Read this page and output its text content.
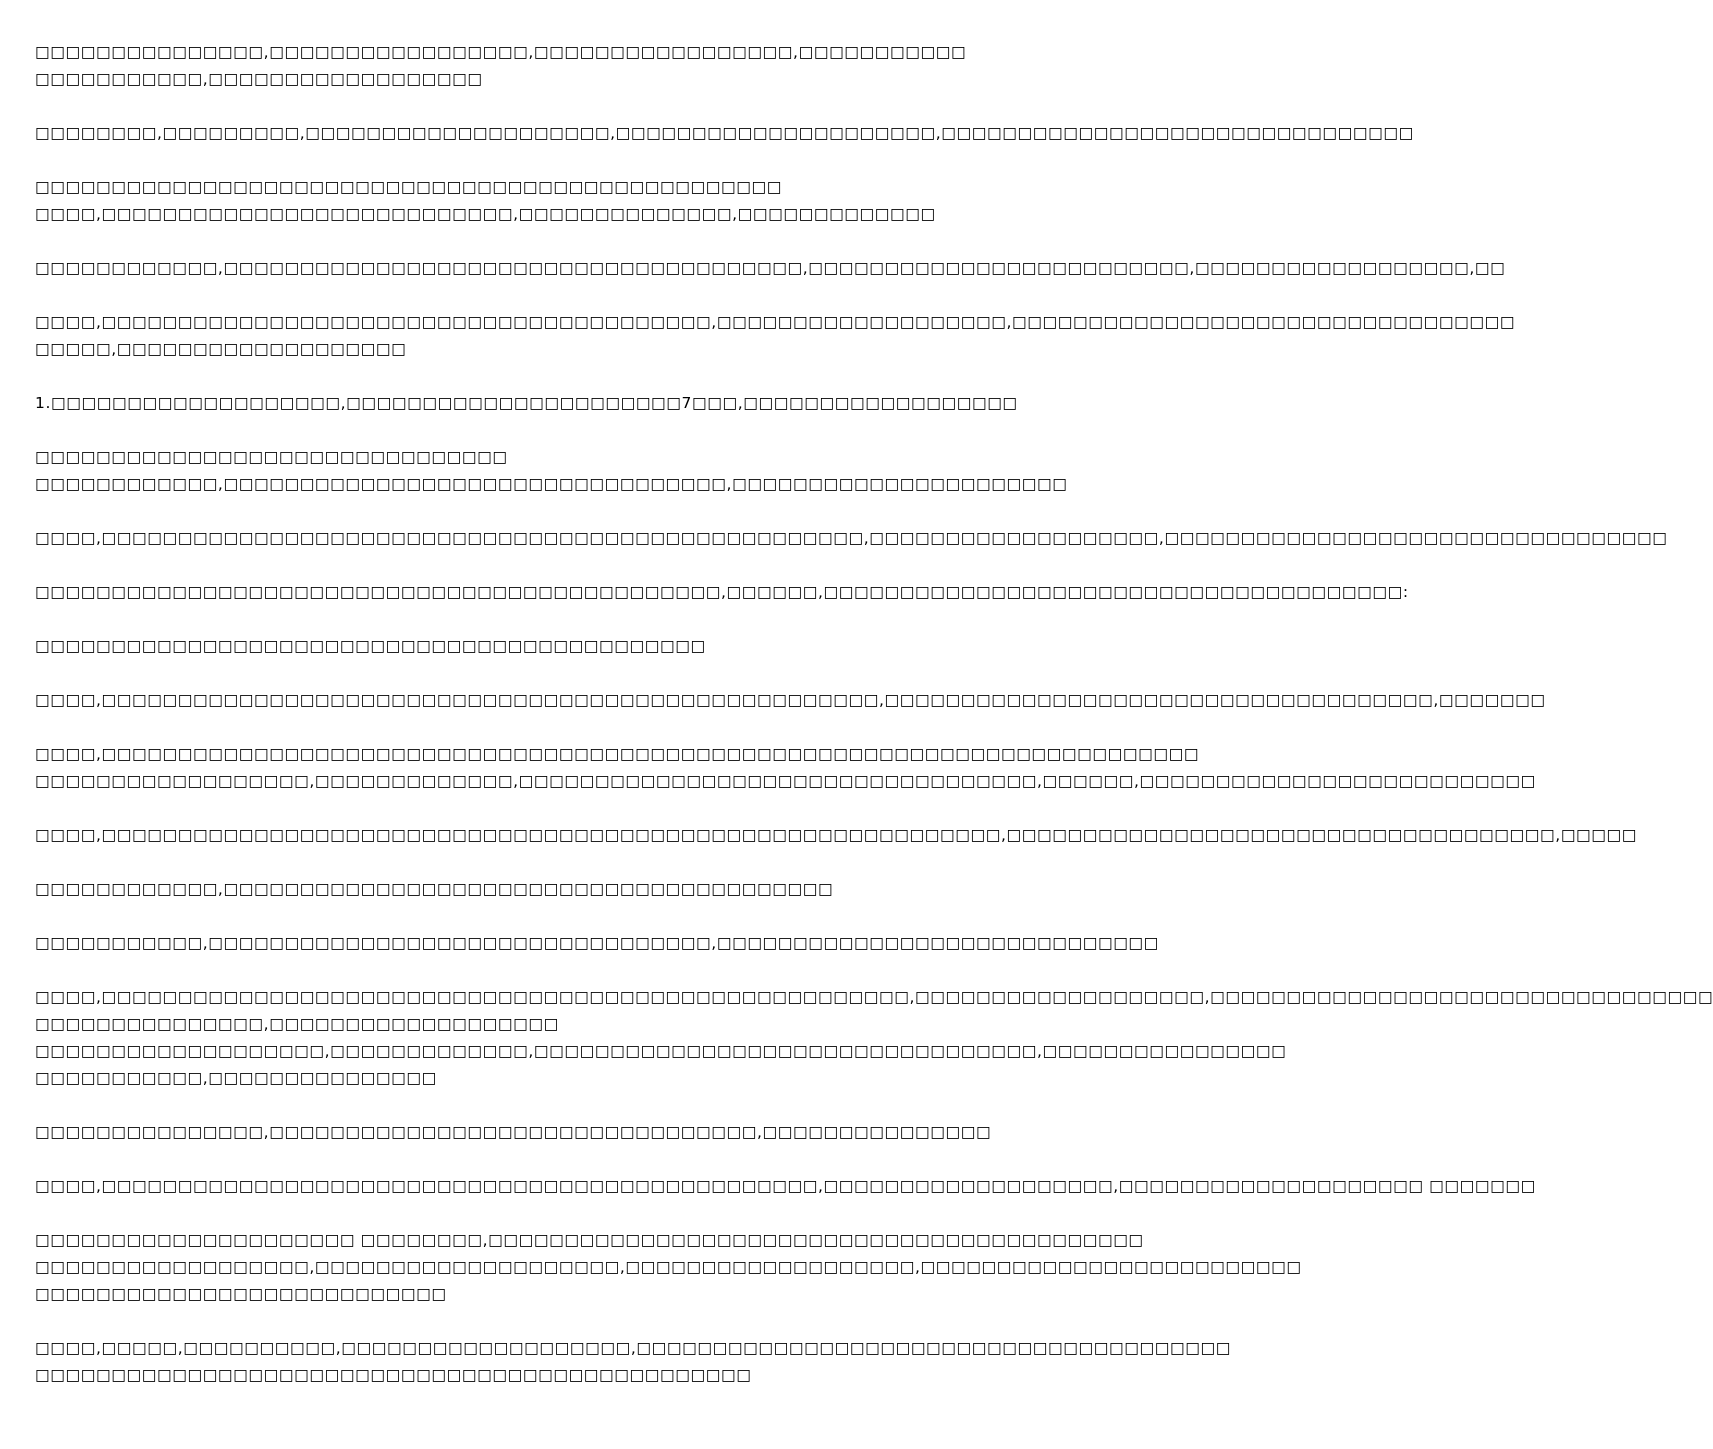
□□□□□□□□□□□□□□□,□□□□□□□□□□□□□□□□□,□□□□□□□□□□□□□□□□□,□□□□□□□□□□□
□□□□□□□□□□□,□□□□□□□□□□□□□□□□□□
□□□□□□□□,□□□□□□□□□,□□□□□□□□□□□□□□□□□□□□,□□□□□□□□□□□□□□□□□□□□□,□□□□□□□□□□□□□□□□□□□□□□□□□□□□□□□
□□□□□□□□□□□□□□□□□□□□□□□□□□□□□□□□□□□□□□□□□□□□□□□□□
□□□□,□□□□□□□□□□□□□□□□□□□□□□□□□□□,□□□□□□□□□□□□□□,□□□□□□□□□□□□□
□□□□□□□□□□□□,□□□□□□□□□□□□□□□□□□□□□□□□□□□□□□□□□□□□□□,□□□□□□□□□□□□□□□□□□□□□□□□□,□□□□□□□□□□□□□□□□□□,□□
□□□□,□□□□□□□□□□□□□□□□□□□□□□□□□□□□□□□□□□□□□□□□,□□□□□□□□□□□□□□□□□□□,□□□□□□□□□□□□□□□□□□□□□□□□□□□□□□□□□
□□□□□,□□□□□□□□□□□□□□□□□□□
1.□□□□□□□□□□□□□□□□□□□,□□□□□□□□□□□□□□□□□□□□□□7□□□,□□□□□□□□□□□□□□□□□□
□□□□□□□□□□□□□□□□□□□□□□□□□□□□□□□
□□□□□□□□□□□□,□□□□□□□□□□□□□□□□□□□□□□□□□□□□□□□□□,□□□□□□□□□□□□□□□□□□□□□□
□□□□,□□□□□□□□□□□□□□□□□□□□□□□□□□□□□□□□□□□□□□□□□□□□□□□□□□,□□□□□□□□□□□□□□□□□□□,□□□□□□□□□□□□□□□□□□□□□□□□□□□□□□□□□
□□□□□□□□□□□□□□□□□□□□□□□□□□□□□□□□□□□□□□□□□□□□□,□□□□□□,□□□□□□□□□□□□□□□□□□□□□□□□□□□□□□□□□□□□□□:
□□□□□□□□□□□□□□□□□□□□□□□□□□□□□□□□□□□□□□□□□□□□
□□□□,□□□□□□□□□□□□□□□□□□□□□□□□□□□□□□□□□□□□□□□□□□□□□□□□□□□,□□□□□□□□□□□□□□□□□□□□□□□□□□□□□□□□□□□□,□□□□□□□
□□□□,□□□□□□□□□□□□□□□□□□□□□□□□□□□□□□□□□□□□□□□□□□□□□□□□□□□□□□□□□□□□□□□□□□□□□□□□
□□□□□□□□□□□□□□□□□□,□□□□□□□□□□□□□,□□□□□□□□□□□□□□□□□□□□□□□□□□□□□□□□□□,□□□□□□,□□□□□□□□□□□□□□□□□□□□□□□□□□
□□□□,□□□□□□□□□□□□□□□□□□□□□□□□□□□□□□□□□□□□□□□□□□□□□□□□□□□□□□□□□□□,□□□□□□□□□□□□□□□□□□□□□□□□□□□□□□□□□□□□,□□□□□
□□□□□□□□□□□□,□□□□□□□□□□□□□□□□□□□□□□□□□□□□□□□□□□□□□□□□
□□□□□□□□□□□,□□□□□□□□□□□□□□□□□□□□□□□□□□□□□□□□□,□□□□□□□□□□□□□□□□□□□□□□□□□□□□□
□□□□,□□□□□□□□□□□□□□□□□□□□□□□□□□□□□□□□□□□□□□□□□□□□□□□□□□□□□,□□□□□□□□□□□□□□□□□□□,□□□□□□□□□□□□□□□□□□□□□□□□□□□□□□□□□
□□□□□□□□□□□□□□□,□□□□□□□□□□□□□□□□□□□
□□□□□□□□□□□□□□□□□□□,□□□□□□□□□□□□□,□□□□□□□□□□□□□□□□□□□□□□□□□□□□□□□□□,□□□□□□□□□□□□□□□□
□□□□□□□□□□□,□□□□□□□□□□□□□□□
□□□□□□□□□□□□□□□,□□□□□□□□□□□□□□□□□□□□□□□□□□□□□□□□,□□□□□□□□□□□□□□□
□□□□,□□□□□□□□□□□□□□□□□□□□□□□□□□□□□□□□□□□□□□□□□□□□□□□,□□□□□□□□□□□□□□□□□□□,□□□□□□□□□□□□□□□□□□□□ □□□□□□□
□□□□□□□□□□□□□□□□□□□□□ □□□□□□□□,□□□□□□□□□□□□□□□□□□□□□□□□□□□□□□□□□□□□□□□□□□□
□□□□□□□□□□□□□□□□□□,□□□□□□□□□□□□□□□□□□□□,□□□□□□□□□□□□□□□□□□□,□□□□□□□□□□□□□□□□□□□□□□□□□
□□□□□□□□□□□□□□□□□□□□□□□□□□□
□□□□,□□□□□,□□□□□□□□□□,□□□□□□□□□□□□□□□□□□□,□□□□□□□□□□□□□□□□□□□□□□□□□□□□□□□□□□□□□□□
□□□□□□□□□□□□□□□□□□□□□□□□□□□□□□□□□□□□□□□□□□□□□□□
